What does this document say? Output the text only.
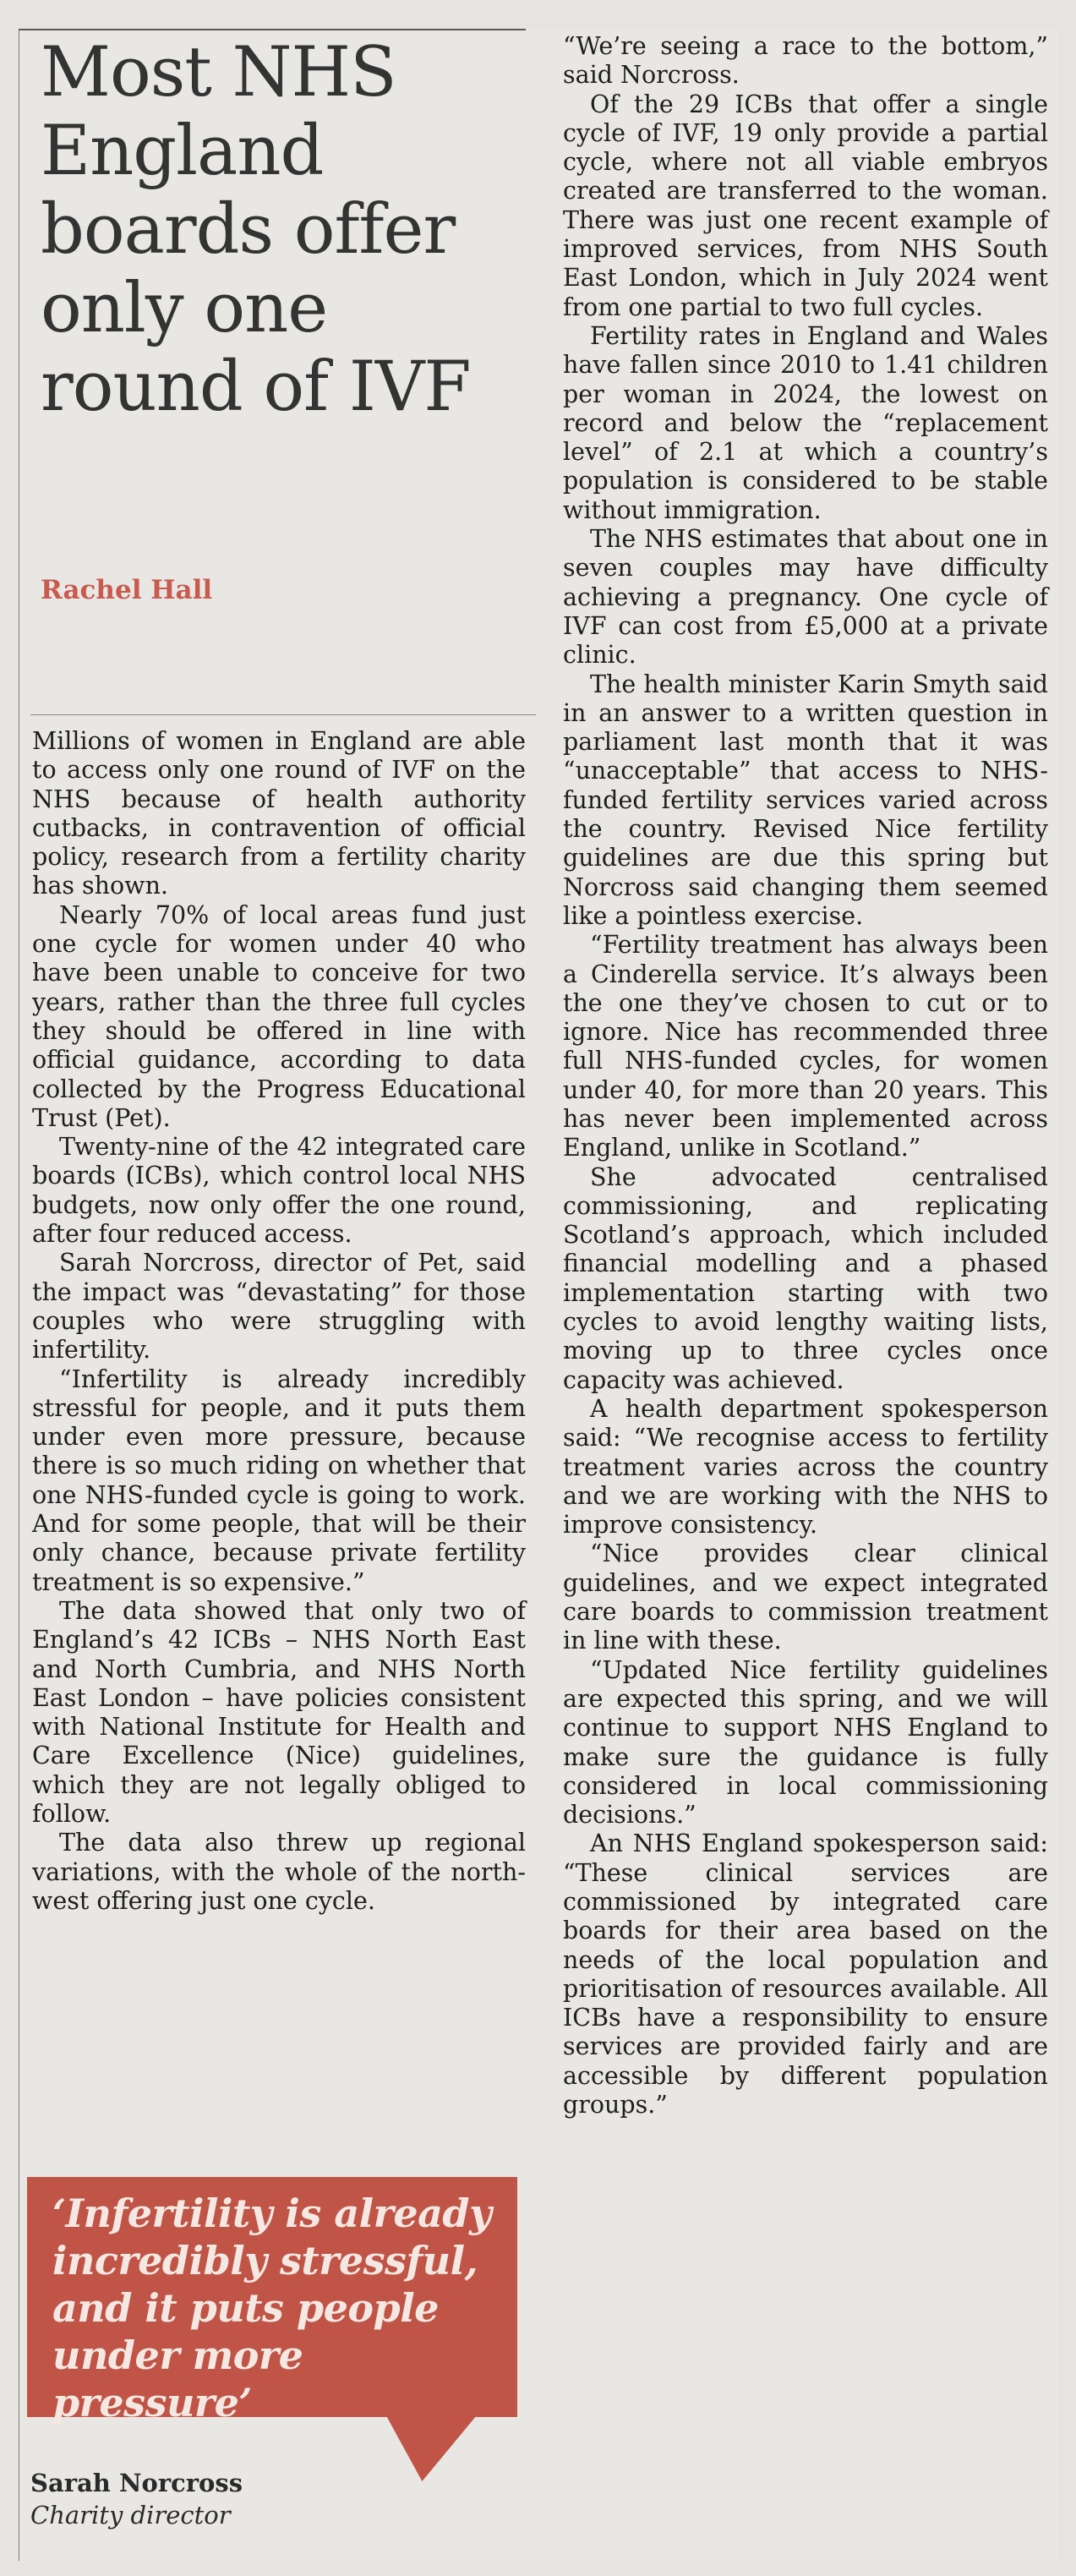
Most NHS England boards offer only one round of IVF
Rachel Hall

Millions of women in England are able to access only one round of IVF on the NHS because of health authority cutbacks, in contravention of official policy, research from a fertility charity has shown.

Nearly 70% of local areas fund just one cycle for women under 40 who have been unable to conceive for two years, rather than the three full cycles they should be offered in line with official guidance, according to data collected by the Progress Educational Trust (Pet).

Twenty-nine of the 42 integrated care boards (ICBs), which control local NHS budgets, now only offer the one round, after four reduced access.

Sarah Norcross, director of Pet, said the impact was “devastating” for those couples who were struggling with infertility.

“Infertility is already incredibly stressful for people, and it puts them under even more pressure, because there is so much riding on whether that one NHS-funded cycle is going to work. And for some people, that will be their only chance, because private fertility treatment is so expensive.”

The data showed that only two of England’s 42 ICBs – NHS North East and North Cumbria, and NHS North East London – have policies consistent with National Institute for Health and Care Excellence (Nice) guidelines, which they are not legally obliged to follow.

The data also threw up regional variations, with the whole of the north-west offering just one cycle.

‘Infertility is already incredibly stressful, and it puts people under more pressure’
Sarah Norcross
Charity director

“We’re seeing a race to the bottom,” said Norcross.

Of the 29 ICBs that offer a single cycle of IVF, 19 only provide a partial cycle, where not all viable embryos created are transferred to the woman. There was just one recent example of improved services, from NHS South East London, which in July 2024 went from one partial to two full cycles.

Fertility rates in England and Wales have fallen since 2010 to 1.41 children per woman in 2024, the lowest on record and below the “replacement level” of 2.1 at which a country’s population is considered to be stable without immigration.

The NHS estimates that about one in seven couples may have difficulty achieving a pregnancy. One cycle of IVF can cost from £5,000 at a private clinic.

The health minister Karin Smyth said in an answer to a written question in parliament last month that it was “unacceptable” that access to NHS-funded fertility services varied across the country. Revised Nice fertility guidelines are due this spring but Norcross said changing them seemed like a pointless exercise.

“Fertility treatment has always been a Cinderella service. It’s always been the one they’ve chosen to cut or to ignore. Nice has recommended three full NHS-funded cycles, for women under 40, for more than 20 years. This has never been implemented across England, unlike in Scotland.”

She advocated centralised commissioning, and replicating Scotland’s approach, which included financial modelling and a phased implementation starting with two cycles to avoid lengthy waiting lists, moving up to three cycles once capacity was achieved.

A health department spokesperson said: “We recognise access to fertility treatment varies across the country and we are working with the NHS to improve consistency.

“Nice provides clear clinical guidelines, and we expect integrated care boards to commission treatment in line with these.

“Updated Nice fertility guidelines are expected this spring, and we will continue to support NHS England to make sure the guidance is fully considered in local commissioning decisions.”

An NHS England spokesperson said: “These clinical services are commissioned by integrated care boards for their area based on the needs of the local population and prioritisation of resources available. All ICBs have a responsibility to ensure services are provided fairly and are accessible by different population groups.”
